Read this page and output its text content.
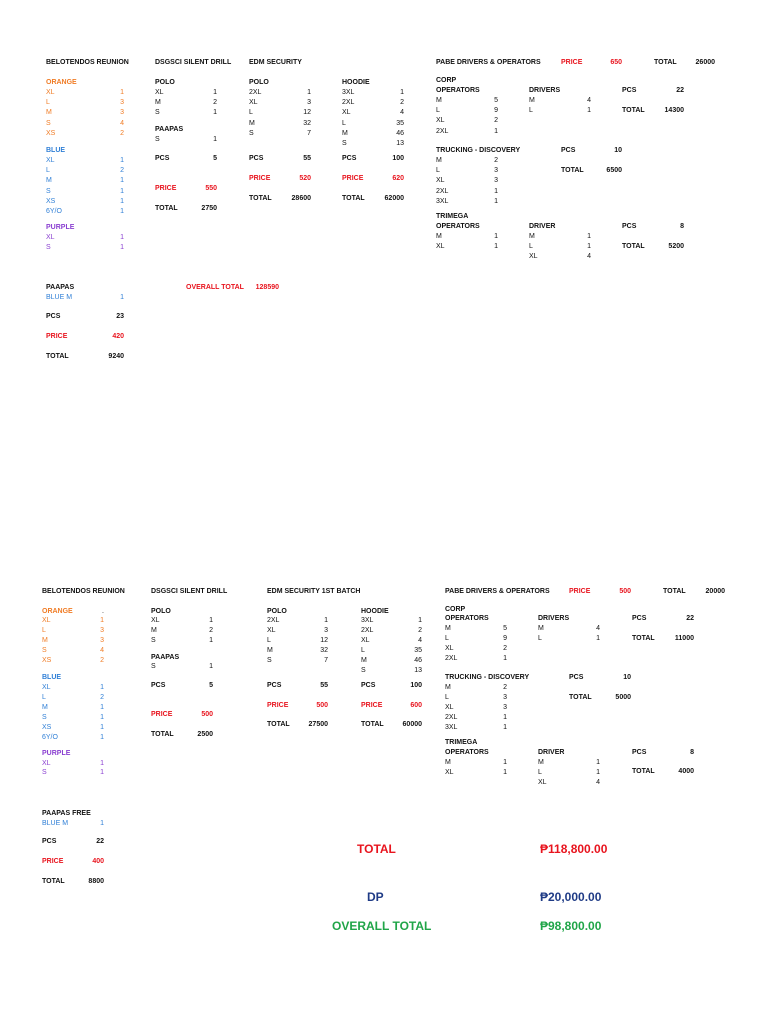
BELOTENDOS REUNION
ORANGE
XL	1
L	3
M	3
S	4
XS	2
BLUE
XL	1
L	2
M	1
S	1
XS	1
6Y/O	1
PURPLE
XL	1
S	1
DSGSCI SILENT DRILL
POLO
XL	1
M	2
S	1
PAAPAS
S	1
PCS	5
PRICE	550
TOTAL	2750
EDM SECURITY
POLO
2XL	1
XL	3
L	12
M	32
S	7
HOODIE
3XL	1
2XL	2
XL	4
L	35
M	46
S	13
PCS	55	PCS	100
PRICE	520	PRICE	620
TOTAL	28600	TOTAL	62000
PABE DRIVERS & OPERATORS	PRICE	650	TOTAL	26000
CORP
OPERATORS
M	5
L	9
XL	2
2XL	1
DRIVERS
M	4
L	1
PCS	22
TOTAL	14300
TRUCKING - DISCOVERY
M	2
L	3
XL	3
2XL	1
3XL	1
PCS	10
TOTAL	6500
TRIMEGA
OPERATORS
M	1
XL	1
DRIVER
M	1
L	1
XL	4
PCS	8
TOTAL	5200
PAAPAS
BLUE M	1
PCS	23
PRICE	420
TOTAL	9240
OVERALL TOTAL	128590
BELOTENDOS REUNION
ORANGE	.
XL	1
L	3
M	3
S	4
XS	2
BLUE
XL	1
L	2
M	1
S	1
XS	1
6Y/O	1
PURPLE
XL	1
S	1
DSGSCI SILENT DRILL
POLO
XL	1
M	2
S	1
PAAPAS
S	1
PCS	5
PRICE	500
TOTAL	2500
EDM SECURITY 1ST BATCH
POLO
2XL	1
XL	3
L	12
M	32
S	7
HOODIE
3XL	1
2XL	2
XL	4
L	35
M	46
S	13
PCS	55	PCS	100
PRICE	500	PRICE	600
TOTAL	27500	TOTAL	60000
PABE DRIVERS & OPERATORS	PRICE	500	TOTAL	20000
CORP
OPERATORS
M	5
L	9
XL	2
2XL	1
DRIVERS
M	4
L	1
PCS	22
TOTAL	11000
TRUCKING - DISCOVERY
M	2
L	3
XL	3
2XL	1
3XL	1
PCS	10
TOTAL	5000
TRIMEGA
OPERATORS
M	1
XL	1
DRIVER
M	1
L	1
XL	4
PCS	8
TOTAL	4000
PAAPAS FREE
BLUE M	1
PCS	22
PRICE	400
TOTAL	8800
TOTAL	₱118,800.00
DP	₱20,000.00
OVERALL TOTAL	₱98,800.00
